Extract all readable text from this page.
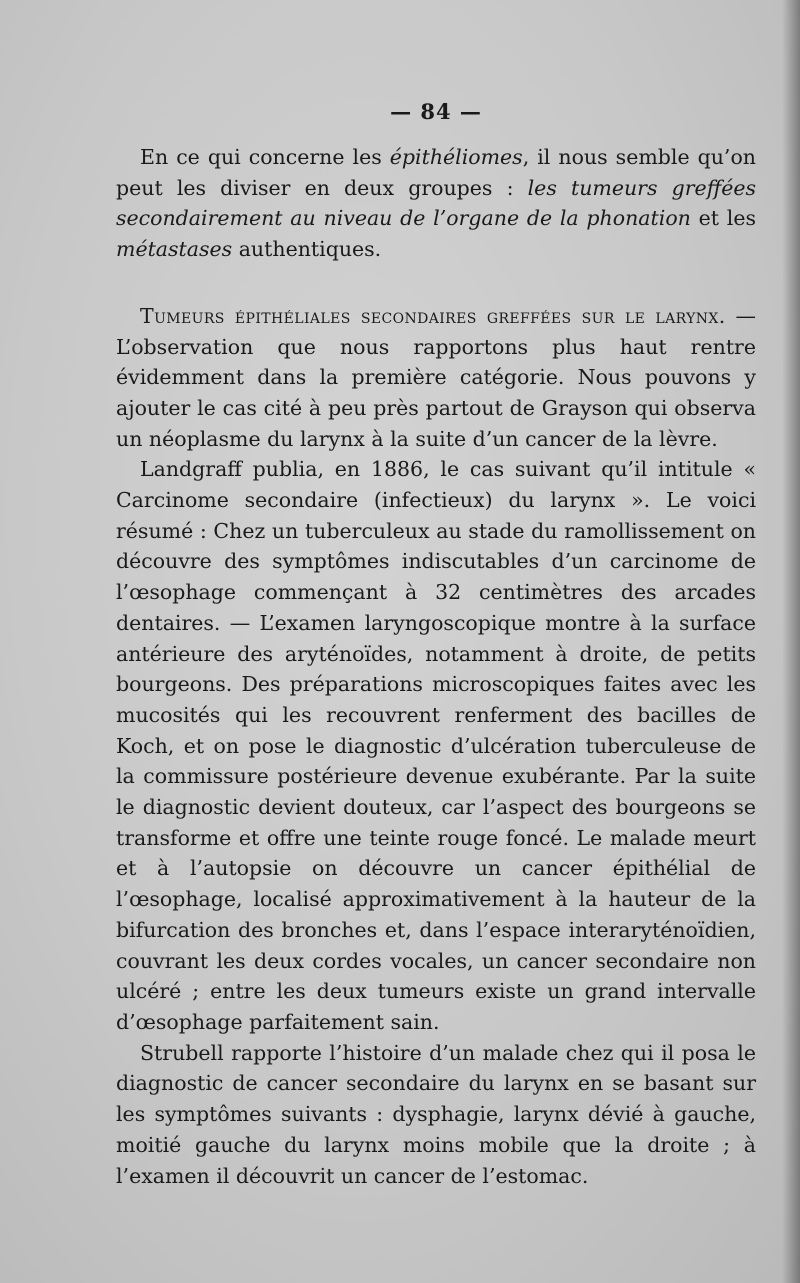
— 84 —

En ce qui concerne les épithéliomes, il nous semble qu’on peut les diviser en deux groupes : les tumeurs greffées secondairement au niveau de l’organe de la phonation et les métastases authentiques.

Tumeurs épithéliales secondaires greffées sur le larynx. — L’observation que nous rapportons plus haut rentre évidemment dans la première catégorie. Nous pouvons y ajouter le cas cité à peu près partout de Grayson qui observa un néoplasme du larynx à la suite d’un cancer de la lèvre.

Landgraff publia, en 1886, le cas suivant qu’il intitule « Carcinome secondaire (infectieux) du larynx ». Le voici résumé : Chez un tuberculeux au stade du ramollissement on découvre des symptômes indiscutables d’un carcinome de l’œsophage commençant à 32 centimètres des arcades dentaires. — L’examen laryngoscopique montre à la surface antérieure des aryténoïdes, notamment à droite, de petits bourgeons. Des préparations microscopiques faites avec les mucosités qui les recouvrent renferment des bacilles de Koch, et on pose le diagnostic d’ulcération tuberculeuse de la commissure postérieure devenue exubérante. Par la suite le diagnostic devient douteux, car l’aspect des bourgeons se transforme et offre une teinte rouge foncé. Le malade meurt et à l’autopsie on découvre un cancer épithélial de l’œsophage, localisé approximativement à la hauteur de la bifurcation des bronches et, dans l’espace interaryténoïdien, couvrant les deux cordes vocales, un cancer secondaire non ulcéré ; entre les deux tumeurs existe un grand intervalle d’œsophage parfaitement sain.

Strubell rapporte l’histoire d’un malade chez qui il posa le diagnostic de cancer secondaire du larynx en se basant sur les symptômes suivants : dysphagie, larynx dévié à gauche, moitié gauche du larynx moins mobile que la droite ; à l’examen il découvrit un cancer de l’estomac.
